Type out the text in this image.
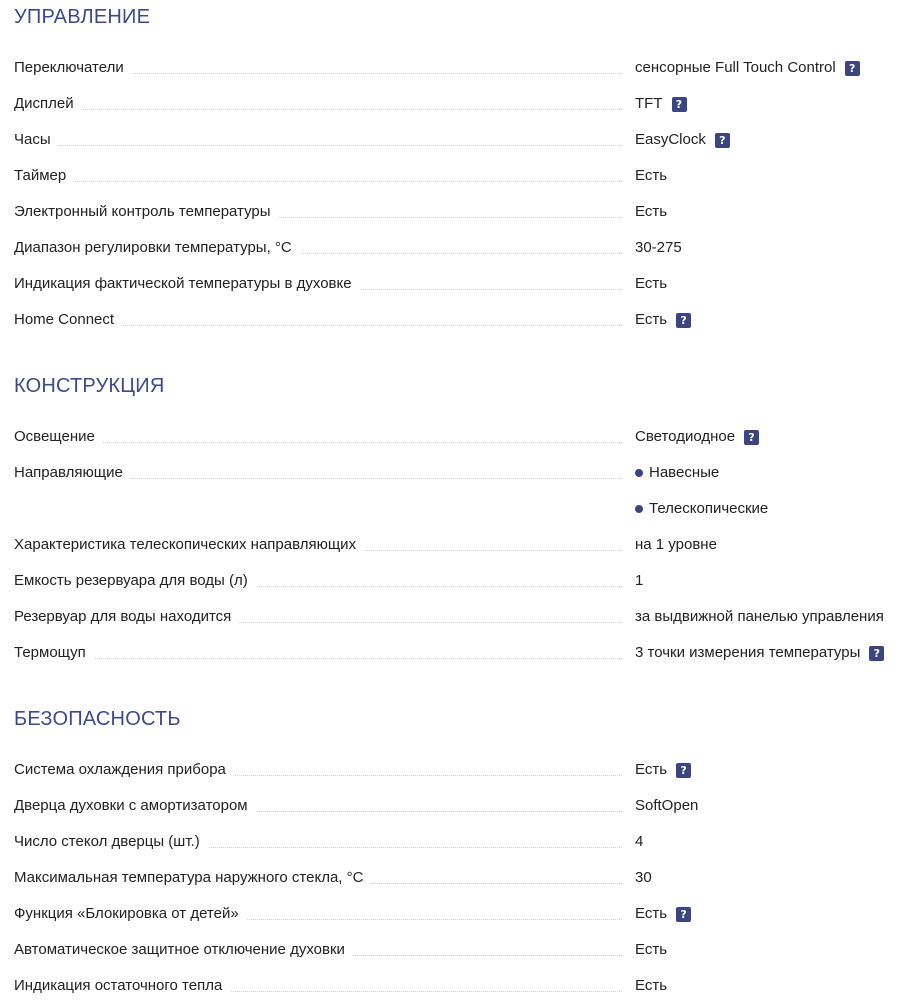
УПРАВЛЕНИЕ
Переключатели	сенсорные Full Touch Control	?
Дисплей	TFT	?
Часы	EasyClock	?
Таймер	Есть
Электронный контроль температуры	Есть
Диапазон регулировки температуры, °C	30-275
Индикация фактической температуры в духовке	Есть
Home Connect	Есть	?
КОНСТРУКЦИЯ
Освещение	Светодиодное	?
Направляющие	Навесные
Телескопические
Характеристика телескопических направляющих	на 1 уровне
Емкость резервуара для воды (л)	1
Резервуар для воды находится	за выдвижной панелью управления
Термощуп	3 точки измерения температуры	?
БЕЗОПАСНОСТЬ
Система охлаждения прибора	Есть	?
Дверца духовки с амортизатором	SoftOpen
Число стекол дверцы (шт.)	4
Максимальная температура наружного стекла, °C	30
Функция «Блокировка от детей»	Есть	?
Автоматическое защитное отключение духовки	Есть
Индикация остаточного тепла	Есть
